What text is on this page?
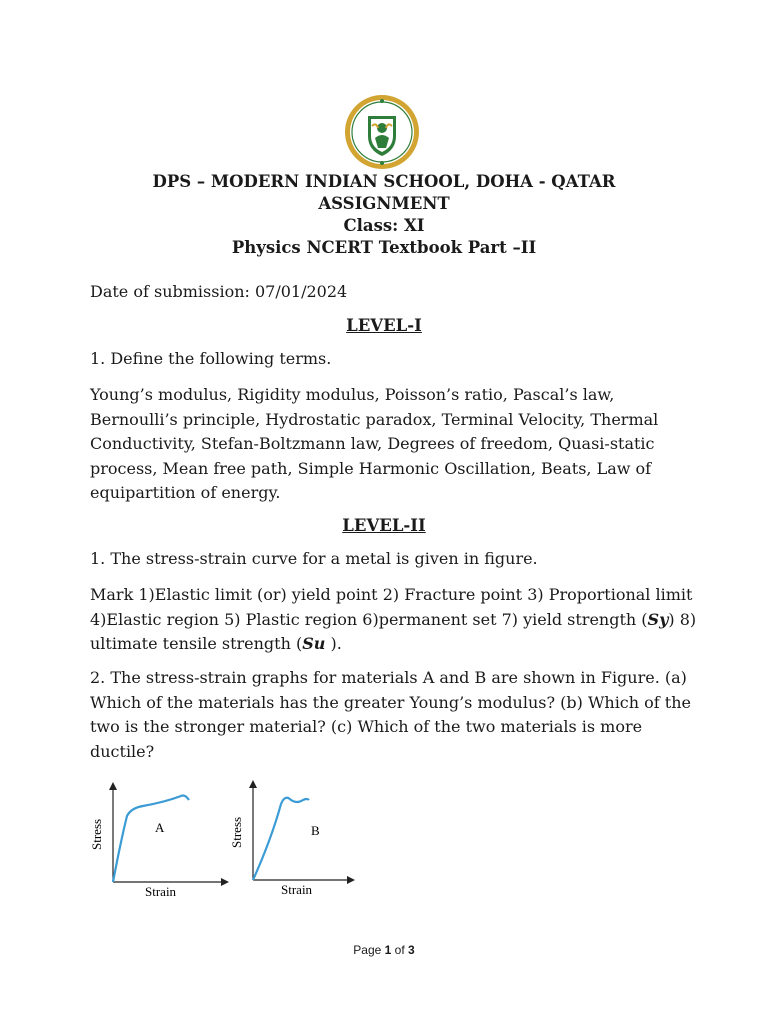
DPS – MODERN INDIAN SCHOOL, DOHA - QATAR
ASSIGNMENT
Class: XI
Physics NCERT Textbook Part –II
Date of submission: 07/01/2024
LEVEL-I
1. Define the following terms.
Young’s modulus, Rigidity modulus, Poisson’s ratio, Pascal’s law,
Bernoulli’s principle, Hydrostatic paradox, Terminal Velocity, Thermal
Conductivity, Stefan-Boltzmann law, Degrees of freedom, Quasi-static
process, Mean free path, Simple Harmonic Oscillation, Beats, Law of
equipartition of energy.
LEVEL-II
1. The stress-strain curve for a metal is given in figure.
Mark 1)Elastic limit (or) yield point 2) Fracture point 3) Proportional limit
4)Elastic region 5) Plastic region 6)permanent set 7) yield strength (Sy) 8)
ultimate tensile strength (Su ).
2. The stress-strain graphs for materials A and B are shown in Figure. (a)
Which of the materials has the greater Young’s modulus? (b) Which of the
two is the stronger material? (c) Which of the two materials is more
ductile?
Stress
Strain
A	Stress
Strain
B
Page 1 of 3
